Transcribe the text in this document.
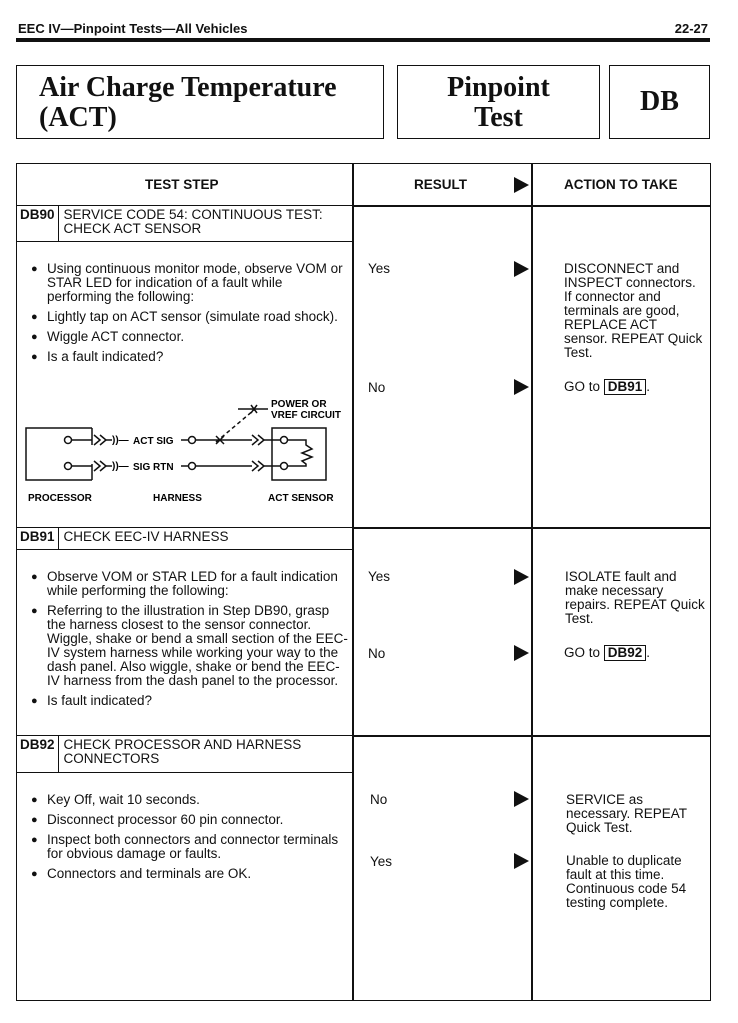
EEC IV—Pinpoint Tests—All Vehicles	22-27
Air Charge Temperature
(ACT)
Pinpoint
Test
DB
TEST STEP	RESULT	ACTION TO TAKE
DB90 SERVICE CODE 54: CONTINUOUS TEST:
CHECK ACT SENSOR
● Using continuous monitor mode, observe VOM or STAR LED for indication of a fault while performing the following:
● Lightly tap on ACT sensor (simulate road shock).
● Wiggle ACT connector.
● Is a fault indicated?
ACT SIG
SIG RTN
))—
))—
POWER OR
VREF CIRCUIT
PROCESSOR	HARNESS	ACT SENSOR
Yes	DISCONNECT and INSPECT connectors. If connector and terminals are good, REPLACE ACT sensor. REPEAT Quick Test.
No	GO to DB91 .
DB91 CHECK EEC-IV HARNESS
● Observe VOM or STAR LED for a fault indication while performing the following:
● Referring to the illustration in Step DB90, grasp the harness closest to the sensor connector. Wiggle, shake or bend a small section of the EEC-IV system harness while working your way to the dash panel. Also wiggle, shake or bend the EEC-IV harness from the dash panel to the processor.
● Is fault indicated?
Yes	ISOLATE fault and make necessary repairs. REPEAT Quick Test.
No	GO to DB92 .
DB92 CHECK PROCESSOR AND HARNESS
CONNECTORS
● Key Off, wait 10 seconds.
● Disconnect processor 60 pin connector.
● Inspect both connectors and connector terminals for obvious damage or faults.
● Connectors and terminals are OK.
No	SERVICE as necessary. REPEAT Quick Test.
Yes	Unable to duplicate fault at this time. Continuous code 54 testing complete.
